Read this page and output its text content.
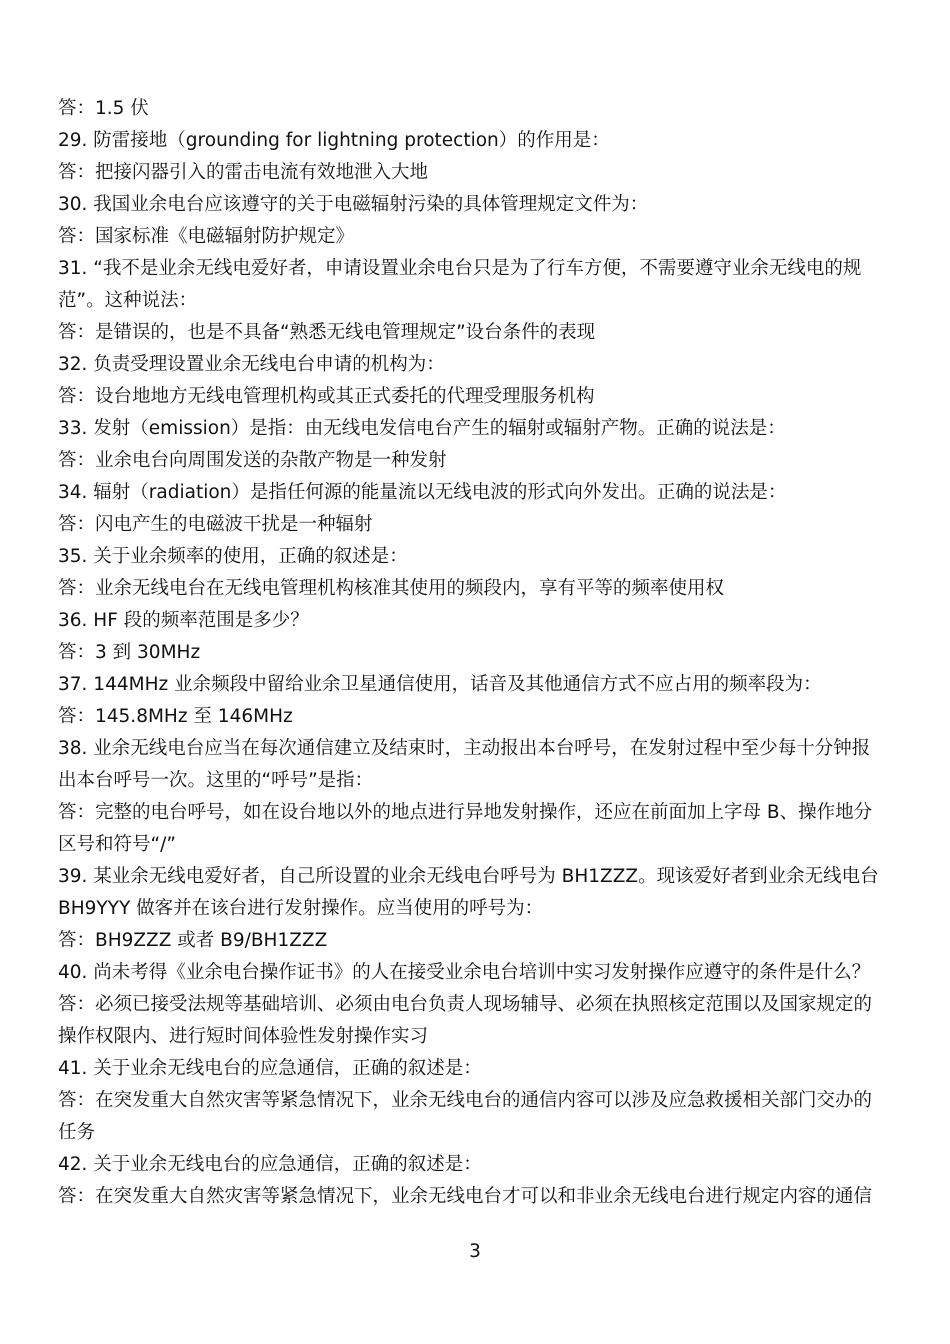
答：1.5 伏

29. 防雷接地（grounding for lightning protection）的作用是：

答：把接闪器引入的雷击电流有效地泄入大地

30. 我国业余电台应该遵守的关于电磁辐射污染的具体管理规定文件为：

答：国家标准《电磁辐射防护规定》

31. “我不是业余无线电爱好者，申请设置业余电台只是为了行车方便，不需要遵守业余无线电的规

范”。这种说法：

答：是错误的，也是不具备“熟悉无线电管理规定”设台条件的表现

32. 负责受理设置业余无线电台申请的机构为：

答：设台地地方无线电管理机构或其正式委托的代理受理服务机构

33. 发射（emission）是指：由无线电发信电台产生的辐射或辐射产物。正确的说法是：

答：业余电台向周围发送的杂散产物是一种发射

34. 辐射（radiation）是指任何源的能量流以无线电波的形式向外发出。正确的说法是：

答：闪电产生的电磁波干扰是一种辐射

35. 关于业余频率的使用，正确的叙述是：

答：业余无线电台在无线电管理机构核准其使用的频段内，享有平等的频率使用权

36. HF 段的频率范围是多少？

答：3 到 30MHz

37. 144MHz 业余频段中留给业余卫星通信使用，话音及其他通信方式不应占用的频率段为：

答：145.8MHz 至 146MHz

38. 业余无线电台应当在每次通信建立及结束时，主动报出本台呼号，在发射过程中至少每十分钟报

出本台呼号一次。这里的“呼号”是指：

答：完整的电台呼号，如在设台地以外的地点进行异地发射操作，还应在前面加上字母 B、操作地分

区号和符号“/”

39. 某业余无线电爱好者，自己所设置的业余无线电台呼号为 BH1ZZZ。现该爱好者到业余无线电台

BH9YYY 做客并在该台进行发射操作。应当使用的呼号为：

答：BH9ZZZ 或者 B9/BH1ZZZ

40. 尚未考得《业余电台操作证书》的人在接受业余电台培训中实习发射操作应遵守的条件是什么？

答：必须已接受法规等基础培训、必须由电台负责人现场辅导、必须在执照核定范围以及国家规定的

操作权限内、进行短时间体验性发射操作实习

41. 关于业余无线电台的应急通信，正确的叙述是：

答：在突发重大自然灾害等紧急情况下，业余无线电台的通信内容可以涉及应急救援相关部门交办的

任务

42. 关于业余无线电台的应急通信，正确的叙述是：

答：在突发重大自然灾害等紧急情况下，业余无线电台才可以和非业余无线电台进行规定内容的通信

3
